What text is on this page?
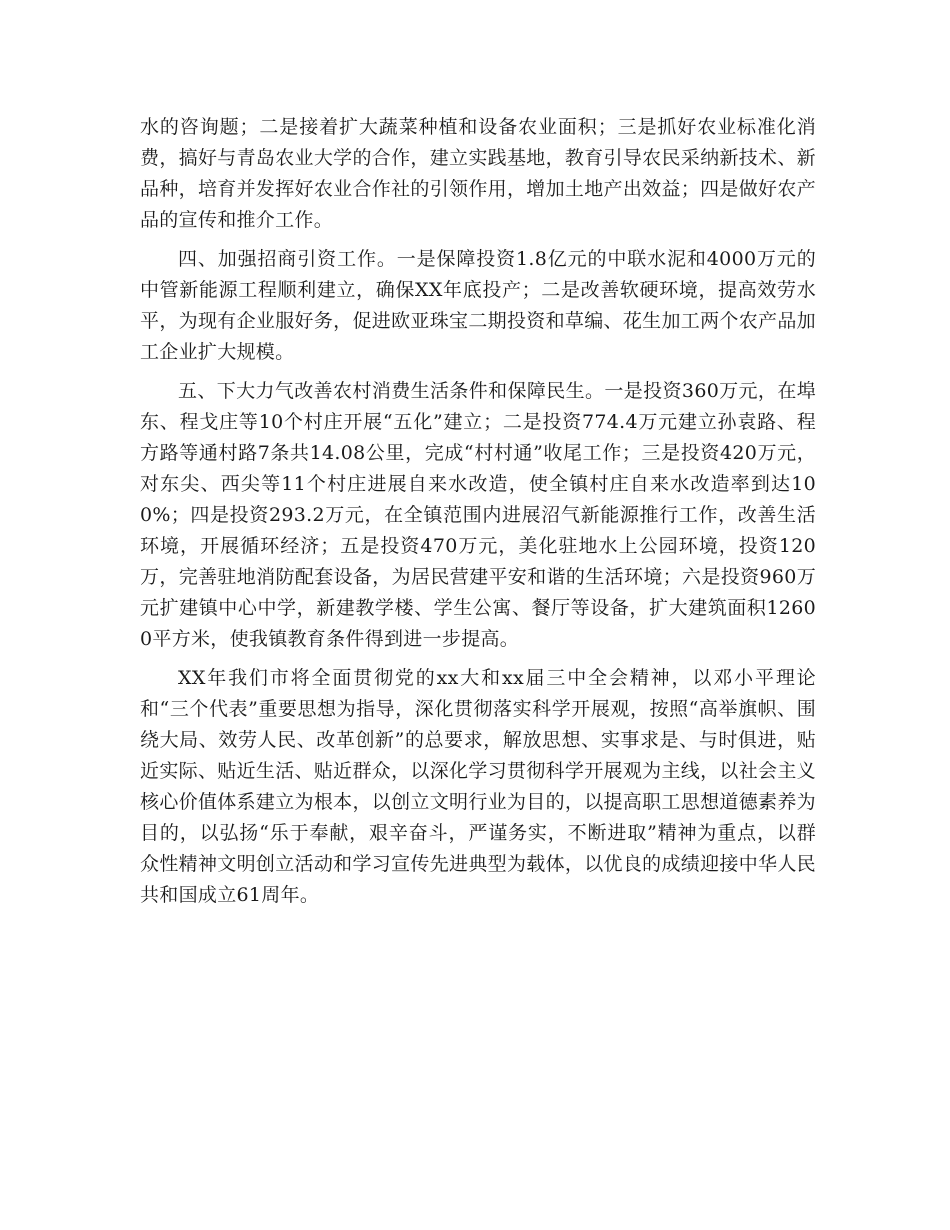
水的咨询题；二是接着扩大蔬菜种植和设备农业面积；三是抓好农业标准化消费，搞好与青岛农业大学的合作，建立实践基地，教育引导农民采纳新技术、新品种，培育并发挥好农业合作社的引领作用，增加土地产出效益；四是做好农产品的宣传和推介工作。

四、加强招商引资工作。一是保障投资1.8亿元的中联水泥和4000万元的中管新能源工程顺利建立，确保XX年底投产；二是改善软硬环境，提高效劳水平，为现有企业服好务，促进欧亚珠宝二期投资和草编、花生加工两个农产品加工企业扩大规模。

五、下大力气改善农村消费生活条件和保障民生。一是投资360万元，在埠东、程戈庄等10个村庄开展“五化”建立；二是投资774.4万元建立孙袁路、程方路等通村路7条共14.08公里，完成“村村通”收尾工作；三是投资420万元，对东尖、西尖等11个村庄进展自来水改造，使全镇村庄自来水改造率到达100%；四是投资293.2万元，在全镇范围内进展沼气新能源推行工作，改善生活环境，开展循环经济；五是投资470万元，美化驻地水上公园环境，投资120万，完善驻地消防配套设备，为居民营建平安和谐的生活环境；六是投资960万元扩建镇中心中学，新建教学楼、学生公寓、餐厅等设备，扩大建筑面积12600平方米，使我镇教育条件得到进一步提高。

XX年我们市将全面贯彻党的xx大和xx届三中全会精神，以邓小平理论和“三个代表”重要思想为指导，深化贯彻落实科学开展观，按照“高举旗帜、围绕大局、效劳人民、改革创新”的总要求，解放思想、实事求是、与时俱进，贴近实际、贴近生活、贴近群众，以深化学习贯彻科学开展观为主线，以社会主义核心价值体系建立为根本，以创立文明行业为目的，以提高职工思想道德素养为目的，以弘扬“乐于奉献，艰辛奋斗，严谨务实，不断进取”精神为重点，以群众性精神文明创立活动和学习宣传先进典型为载体，以优良的成绩迎接中华人民共和国成立61周年。
